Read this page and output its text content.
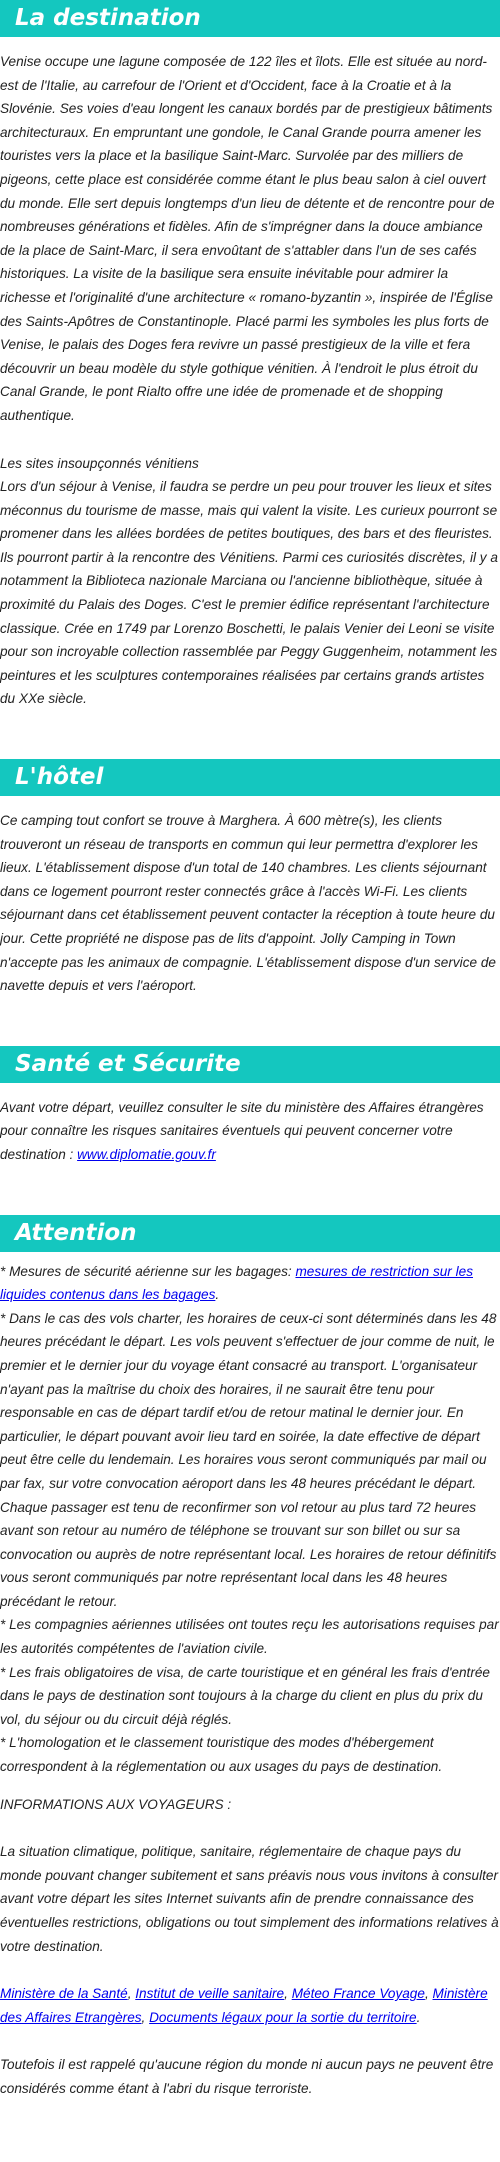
La destination

Venise occupe une lagune composée de 122 îles et îlots. Elle est située au nord-est de l'Italie, au carrefour de l'Orient et d'Occident, face à la Croatie et à la Slovénie. Ses voies d'eau longent les canaux bordés par de prestigieux bâtiments architecturaux. En empruntant une gondole, le Canal Grande pourra amener les touristes vers la place et la basilique Saint-Marc. Survolée par des milliers de pigeons, cette place est considérée comme étant le plus beau salon à ciel ouvert du monde. Elle sert depuis longtemps d'un lieu de détente et de rencontre pour de nombreuses générations et fidèles. Afin de s'imprégner dans la douce ambiance de la place de Saint-Marc, il sera envoûtant de s'attabler dans l'un de ses cafés historiques. La visite de la basilique sera ensuite inévitable pour admirer la richesse et l'originalité d'une architecture « romano-byzantin », inspirée de l'Église des Saints-Apôtres de Constantinople. Placé parmi les symboles les plus forts de Venise, le palais des Doges fera revivre un passé prestigieux de la ville et fera découvrir un beau modèle du style gothique vénitien. À l'endroit le plus étroit du Canal Grande, le pont Rialto offre une idée de promenade et de shopping authentique.

Les sites insoupçonnés vénitiens

Lors d'un séjour à Venise, il faudra se perdre un peu pour trouver les lieux et sites méconnus du tourisme de masse, mais qui valent la visite. Les curieux pourront se promener dans les allées bordées de petites boutiques, des bars et des fleuristes. Ils pourront partir à la rencontre des Vénitiens. Parmi ces curiosités discrètes, il y a notamment la Biblioteca nazionale Marciana ou l'ancienne bibliothèque, située à proximité du Palais des Doges. C'est le premier édifice représentant l'architecture classique. Crée en 1749 par Lorenzo Boschetti, le palais Venier dei Leoni se visite pour son incroyable collection rassemblée par Peggy Guggenheim, notamment les peintures et les sculptures contemporaines réalisées par certains grands artistes du XXe siècle.

L'hôtel

Ce camping tout confort se trouve à Marghera. À 600 mètre(s), les clients trouveront un réseau de transports en commun qui leur permettra d'explorer les lieux. L'établissement dispose d'un total de 140 chambres. Les clients séjournant dans ce logement pourront rester connectés grâce à l'accès Wi-Fi. Les clients séjournant dans cet établissement peuvent contacter la réception à toute heure du jour. Cette propriété ne dispose pas de lits d'appoint. Jolly Camping in Town n'accepte pas les animaux de compagnie. L'établissement dispose d'un service de navette depuis et vers l'aéroport.

Santé et Sécurite

Avant votre départ, veuillez consulter le site du ministère des Affaires étrangères pour connaître les risques sanitaires éventuels qui peuvent concerner votre destination : www.diplomatie.gouv.fr

Attention

* Mesures de sécurité aérienne sur les bagages: mesures de restriction sur les liquides contenus dans les bagages.

* Dans le cas des vols charter, les horaires de ceux-ci sont déterminés dans les 48 heures précédant le départ. Les vols peuvent s'effectuer de jour comme de nuit, le premier et le dernier jour du voyage étant consacré au transport. L'organisateur n'ayant pas la maîtrise du choix des horaires, il ne saurait être tenu pour responsable en cas de départ tardif et/ou de retour matinal le dernier jour. En particulier, le départ pouvant avoir lieu tard en soirée, la date effective de départ peut être celle du lendemain. Les horaires vous seront communiqués par mail ou par fax, sur votre convocation aéroport dans les 48 heures précédant le départ. Chaque passager est tenu de reconfirmer son vol retour au plus tard 72 heures avant son retour au numéro de téléphone se trouvant sur son billet ou sur sa convocation ou auprès de notre représentant local. Les horaires de retour définitifs vous seront communiqués par notre représentant local dans les 48 heures précédant le retour.

* Les compagnies aériennes utilisées ont toutes reçu les autorisations requises par les autorités compétentes de l'aviation civile.

* Les frais obligatoires de visa, de carte touristique et en général les frais d'entrée dans le pays de destination sont toujours à la charge du client en plus du prix du vol, du séjour ou du circuit déjà réglés.

* L'homologation et le classement touristique des modes d'hébergement correspondent à la réglementation ou aux usages du pays de destination.

INFORMATIONS AUX VOYAGEURS :

La situation climatique, politique, sanitaire, réglementaire de chaque pays du monde pouvant changer subitement et sans préavis nous vous invitons à consulter avant votre départ les sites Internet suivants afin de prendre connaissance des éventuelles restrictions, obligations ou tout simplement des informations relatives à votre destination.

Ministère de la Santé, Institut de veille sanitaire, Méteo France Voyage, Ministère des Affaires Etrangères, Documents légaux pour la sortie du territoire.

Toutefois il est rappelé qu'aucune région du monde ni aucun pays ne peuvent être considérés comme étant à l'abri du risque terroriste.
